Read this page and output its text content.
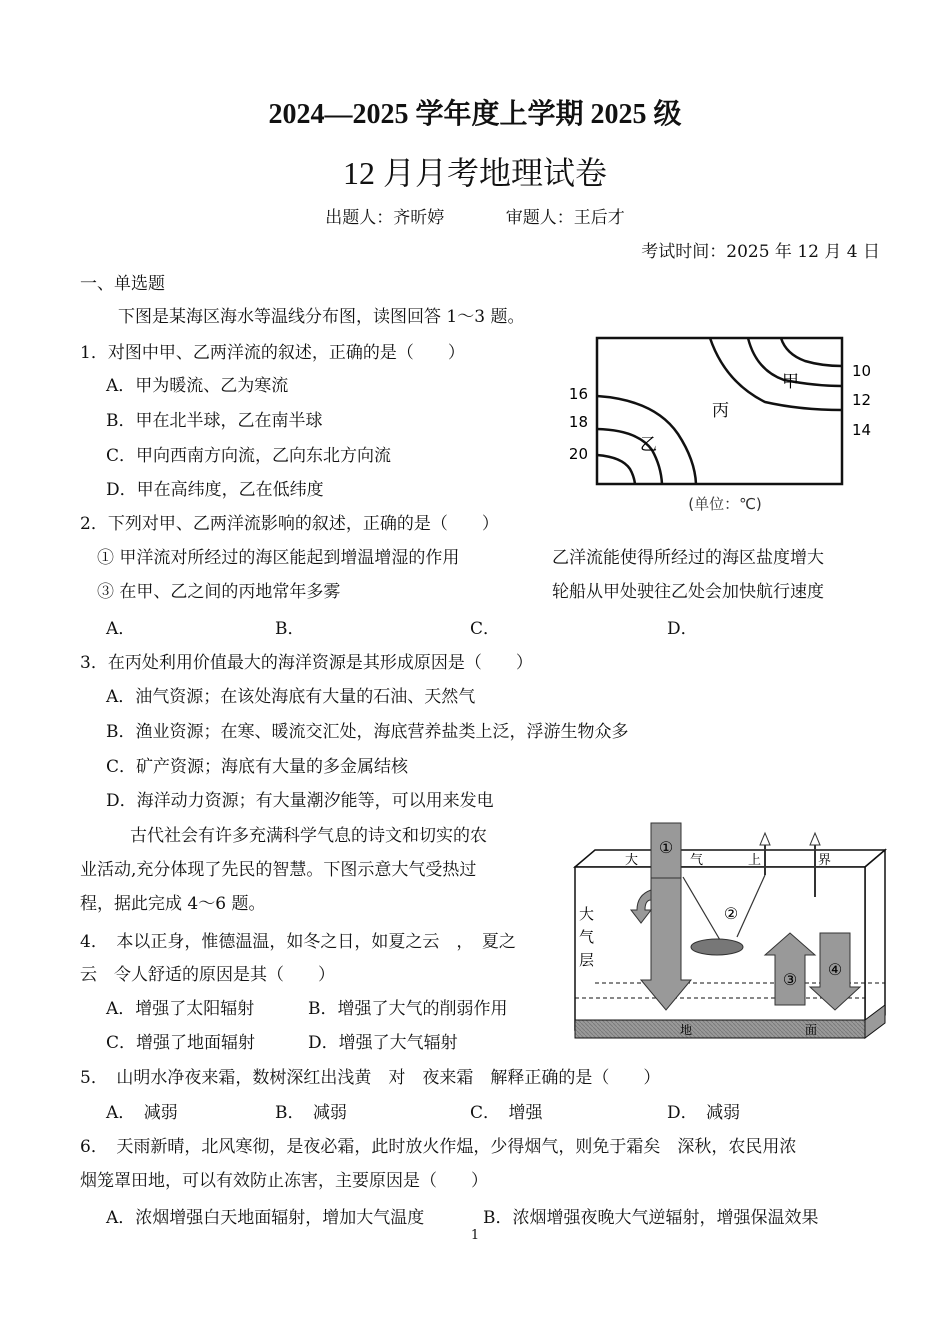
2024—2025 学年度上学期 2025 级
12 月月考地理试卷
出题人：齐昕婷	审题人：王后才
考试时间：2025 年 12 月 4 日
一、单选题
下图是某海区海水等温线分布图，读图回答 1～3 题。
1．对图中甲、乙两洋流的叙述，正确的是（　　）
A．甲为暖流、乙为寒流
B．甲在北半球，乙在南半球
C．甲向西南方向流，乙向东北方向流
D．甲在高纬度，乙在低纬度
16
18
20
10
12
14
甲
丙
乙
(单位：℃)
2．下列对甲、乙两洋流影响的叙述，正确的是（　　）
① 甲洋流对所经过的海区能起到增温增湿的作用	乙洋流能使得所经过的海区盐度增大
③ 在甲、乙之间的丙地常年多雾	轮船从甲处驶往乙处会加快航行速度
A．	B．	C．	D．
3．在丙处利用价值最大的海洋资源是其形成原因是（　　）
A．油气资源；在该处海底有大量的石油、天然气
B．渔业资源；在寒、暖流交汇处，海底营养盐类上泛，浮游生物众多
C．矿产资源；海底有大量的多金属结核
D．海洋动力资源；有大量潮汐能等，可以用来发电
古代社会有许多充满科学气息的诗文和切实的农
业活动,充分体现了先民的智慧。下图示意大气受热过
程，据此完成 4～6 题。
大	气	上	界
大
气
层
①
②
③
④
地	面
4．　本以正身，惟德温温，如冬之日，如夏之云　，　夏之
云　令人舒适的原因是其（　　）
A．增强了太阳辐射	B．增强了大气的削弱作用
C．增强了地面辐射	D．增强了大气辐射
5．　山明水净夜来霜，数树深红出浅黄　对　夜来霜　解释正确的是（　　）
A．　减弱	B．　减弱	C．　增强	D．　减弱
6．　天雨新晴，北风寒彻，是夜必霜，此时放火作煴，少得烟气，则免于霜矣　深秋，农民用浓
烟笼罩田地，可以有效防止冻害，主要原因是（　　）
A．浓烟增强白天地面辐射，增加大气温度	B．浓烟增强夜晚大气逆辐射，增强保温效果
1
